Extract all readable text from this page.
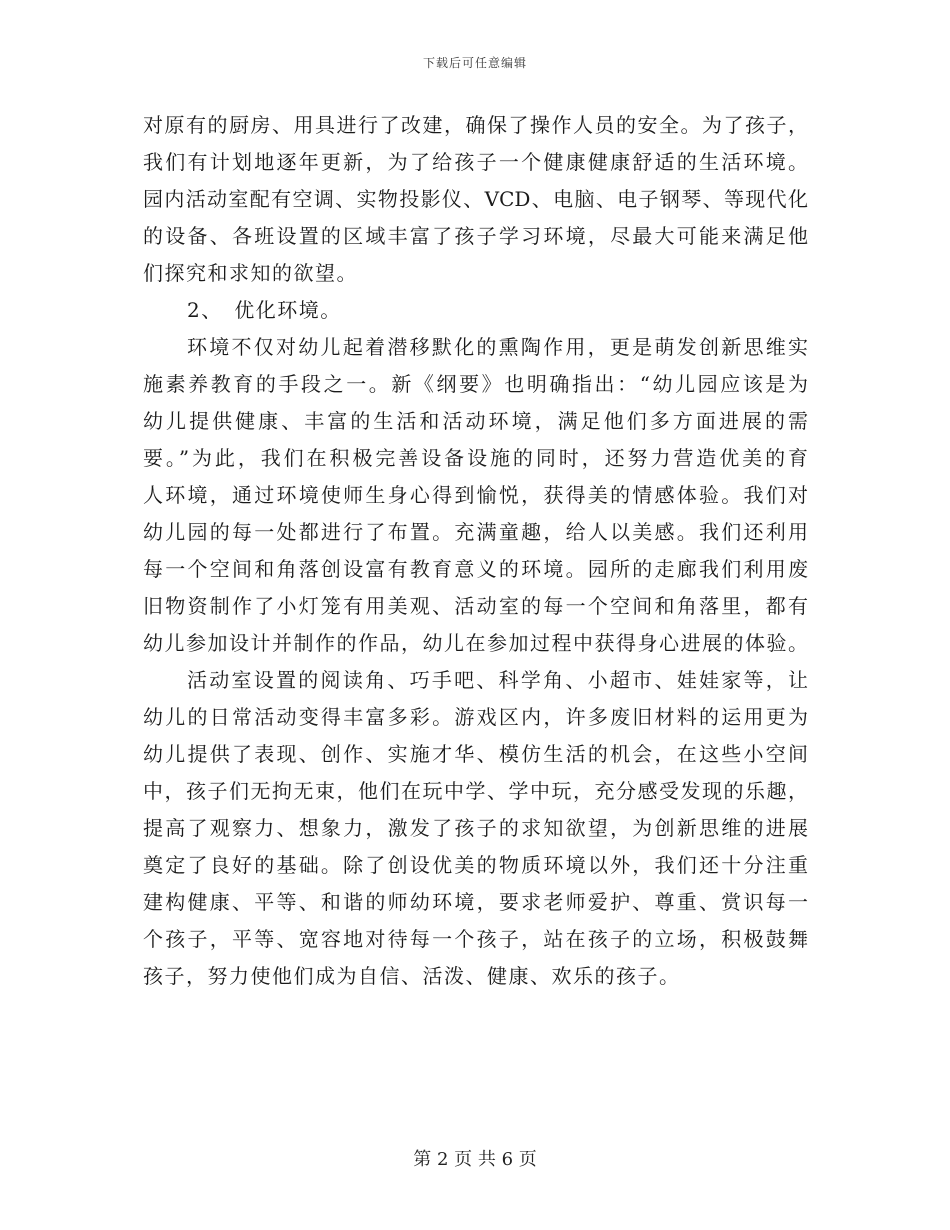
下载后可任意编辑
对原有的厨房、用具进行了改建，确保了操作人员的安全。为了孩子，
我们有计划地逐年更新，为了给孩子一个健康健康舒适的生活环境。
园内活动室配有空调、实物投影仪、VCD、电脑、电子钢琴、等现代化
的设备、各班设置的区域丰富了孩子学习环境，尽最大可能来满足他
们探究和求知的欲望。
2、　优化环境。
环境不仅对幼儿起着潜移默化的熏陶作用，更是萌发创新思维实
施素养教育的手段之一。新《纲要》也明确指出：“幼儿园应该是为
幼儿提供健康、丰富的生活和活动环境，满足他们多方面进展的需
要。”为此，我们在积极完善设备设施的同时，还努力营造优美的育
人环境，通过环境使师生身心得到愉悦，获得美的情感体验。我们对
幼儿园的每一处都进行了布置。充满童趣，给人以美感。我们还利用
每一个空间和角落创设富有教育意义的环境。园所的走廊我们利用废
旧物资制作了小灯笼有用美观、活动室的每一个空间和角落里，都有
幼儿参加设计并制作的作品，幼儿在参加过程中获得身心进展的体验。
活动室设置的阅读角、巧手吧、科学角、小超市、娃娃家等，让
幼儿的日常活动变得丰富多彩。游戏区内，许多废旧材料的运用更为
幼儿提供了表现、创作、实施才华、模仿生活的机会，在这些小空间
中，孩子们无拘无束，他们在玩中学、学中玩，充分感受发现的乐趣，
提高了观察力、想象力，激发了孩子的求知欲望，为创新思维的进展
奠定了良好的基础。除了创设优美的物质环境以外，我们还十分注重
建构健康、平等、和谐的师幼环境，要求老师爱护、尊重、赏识每一
个孩子，平等、宽容地对待每一个孩子，站在孩子的立场，积极鼓舞
孩子，努力使他们成为自信、活泼、健康、欢乐的孩子。
第 2 页 共 6 页
